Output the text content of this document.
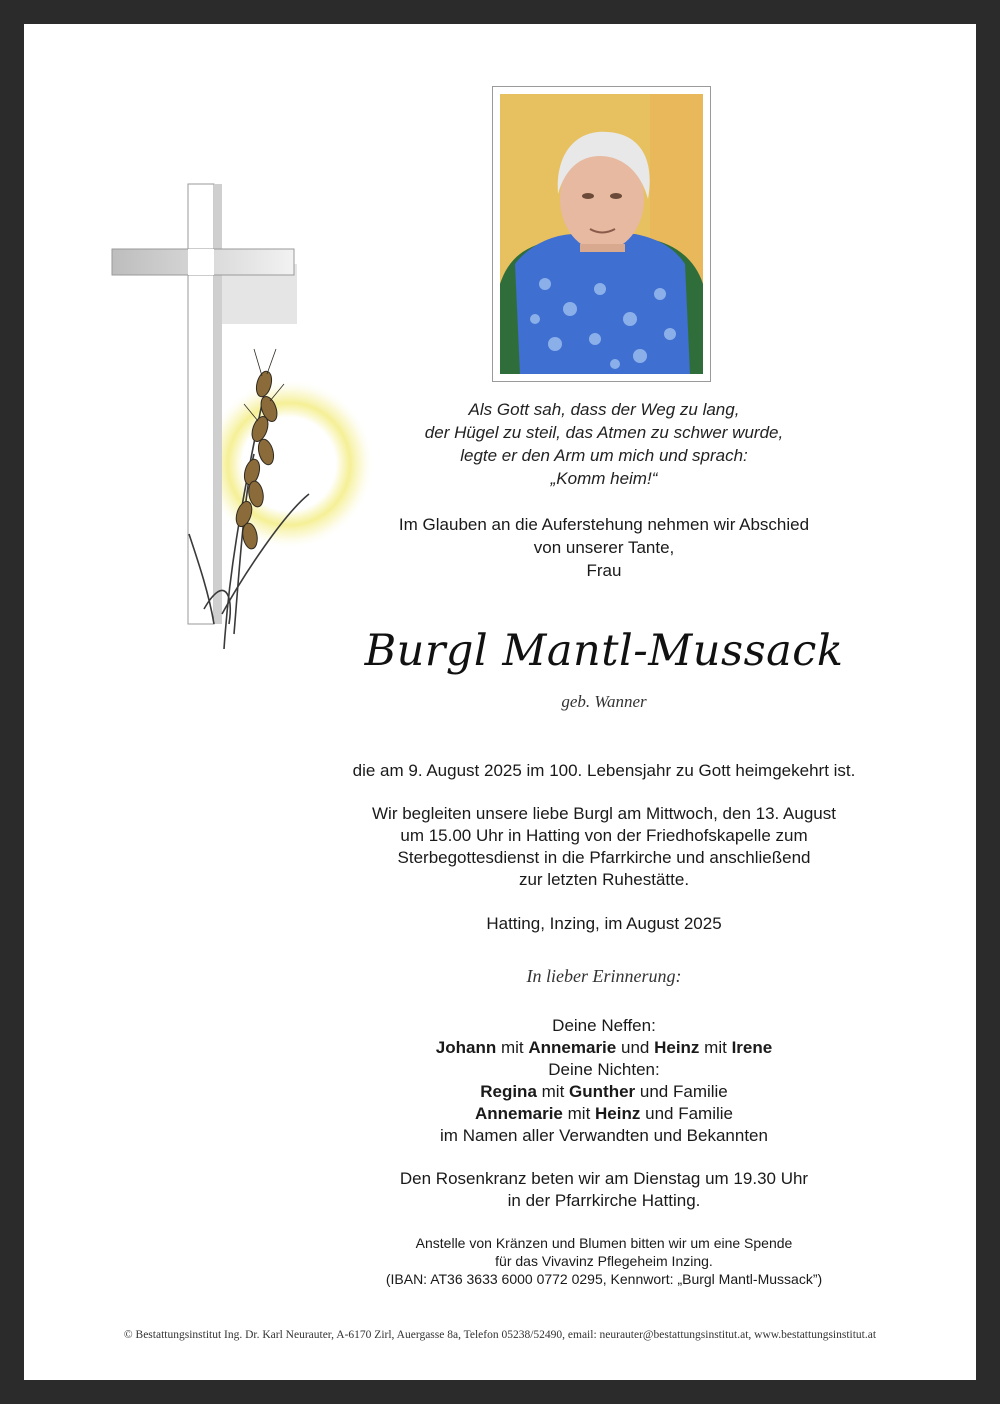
Als Gott sah, dass der Weg zu lang,
der Hügel zu steil, das Atmen zu schwer wurde,
legte er den Arm um mich und sprach:
„Komm heim!“
Im Glauben an die Auferstehung nehmen wir Abschied
von unserer Tante,
Frau
Burgl Mantl-Mussack
geb. Wanner
die am 9. August 2025 im 100. Lebensjahr zu Gott heimgekehrt ist.
Wir begleiten unsere liebe Burgl am Mittwoch, den 13. August
um 15.00 Uhr in Hatting von der Friedhofskapelle zum
Sterbegottesdienst in die Pfarrkirche und anschließend
zur letzten Ruhestätte.
Hatting, Inzing, im August 2025
In lieber Erinnerung:
Deine Neffen:
Johann mit Annemarie und Heinz mit Irene
Deine Nichten:
Regina mit Gunther und Familie
Annemarie mit Heinz und Familie
im Namen aller Verwandten und Bekannten
Den Rosenkranz beten wir am Dienstag um 19.30 Uhr
in der Pfarrkirche Hatting.
Anstelle von Kränzen und Blumen bitten wir um eine Spende
für das Vivavinz Pflegeheim Inzing.
(IBAN: AT36 3633 6000 0772 0295, Kennwort: „Burgl Mantl-Mussack”)
© Bestattungsinstitut Ing. Dr. Karl Neurauter, A-6170 Zirl, Auergasse 8a, Telefon 05238/52490, email: neurauter@bestattungsinstitut.at, www.bestattungsinstitut.at
